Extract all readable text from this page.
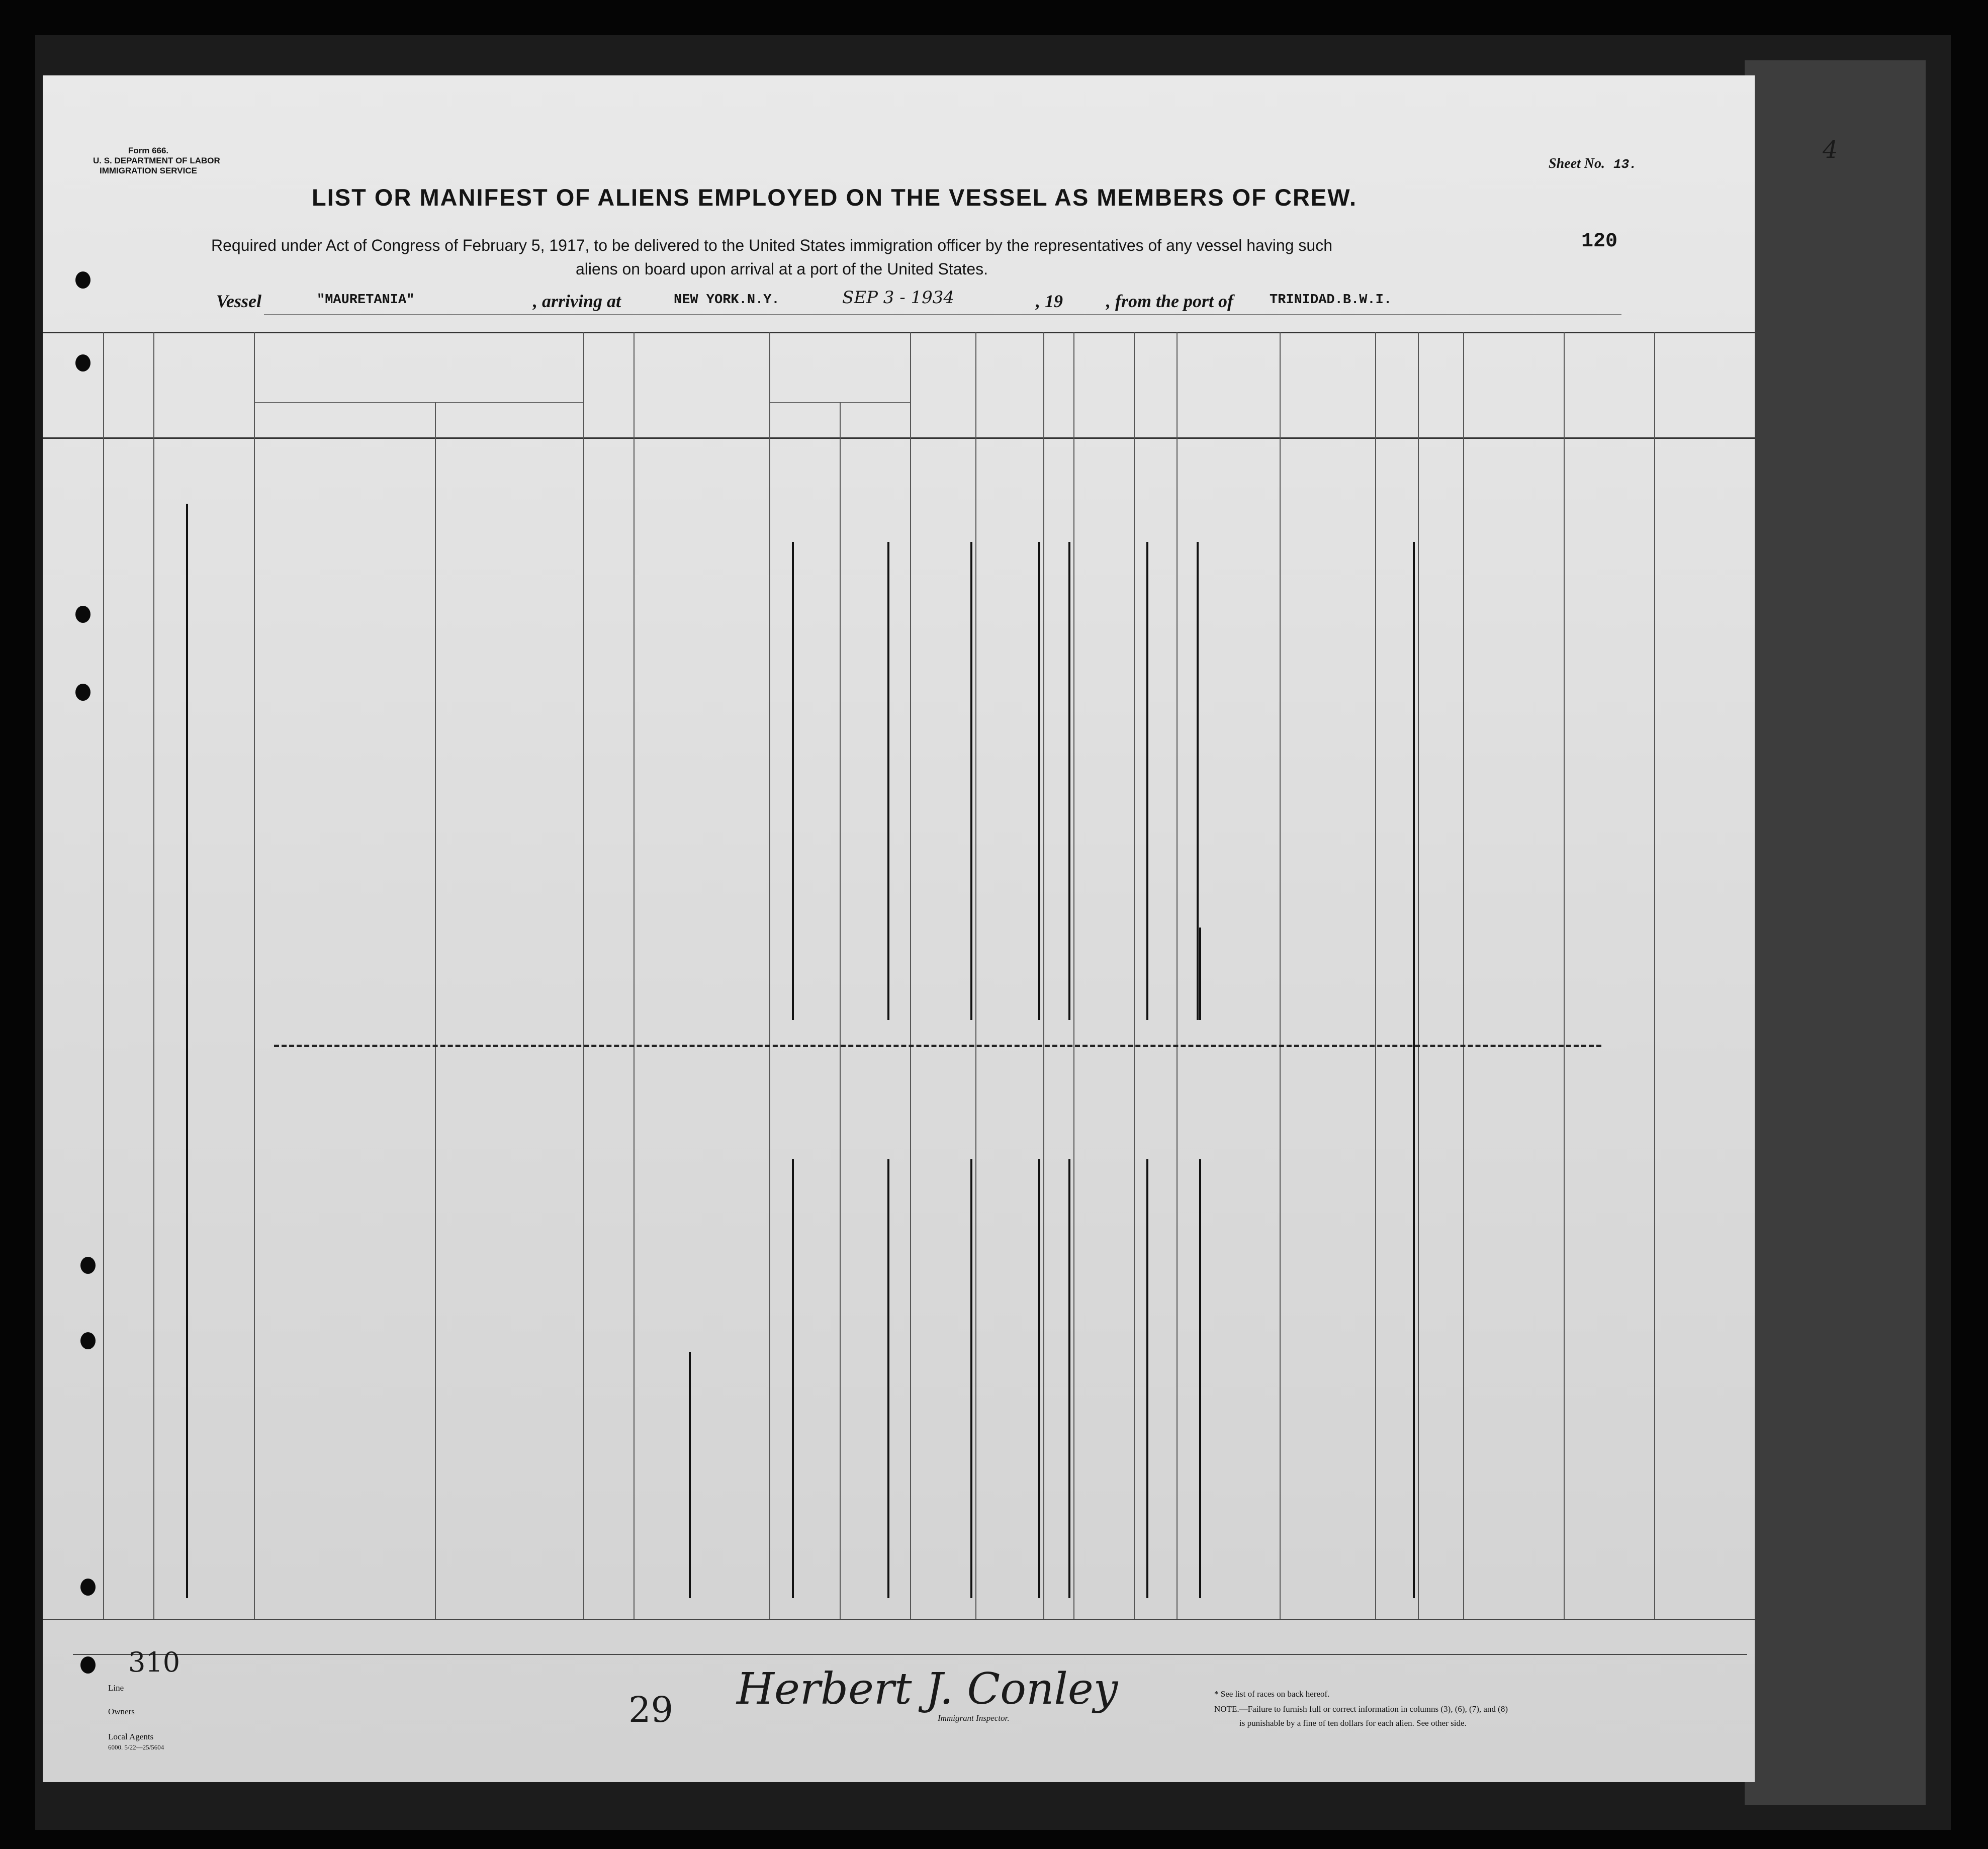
Form 666.
U. S. DEPARTMENT OF LABOR
IMMIGRATION SERVICE	Sheet No. 13.
4
LIST OR MANIFEST OF ALIENS EMPLOYED ON THE VESSEL AS MEMBERS OF CREW.
Required under Act of Congress of February 5, 1917, to be delivered to the United States immigration officer by the representatives of any vessel having such
aliens on board upon arrival at a port of the United States.
120
Vessel	"MAURETANIA"	, arriving at	NEW YORK.N.Y.	SEP 3 - 1934	, 19 , from the port of	TRINIDAD.B.W.I.
Line
310
Owners
Local Agents
6000. 5/22—25/5604
29 Herbert J. Conley
Immigrant Inspector.
* See list of races on back hereof.
NOTE.—Failure to furnish full or correct information in columns (3), (6), (7), and (8)
is punishable by a fine of ten dollars for each alien. See other side.
